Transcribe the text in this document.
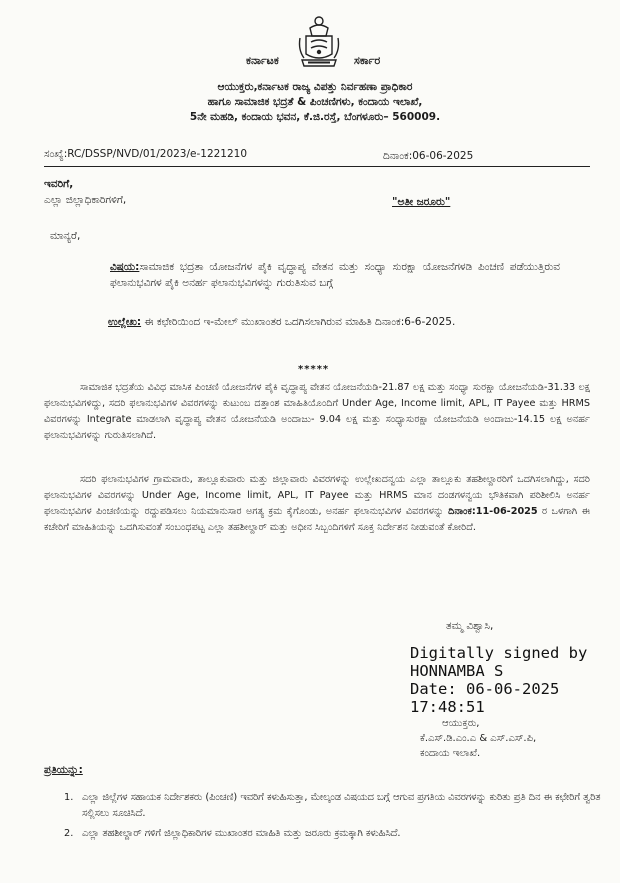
ಕರ್ನಾಟಕ	ಸರ್ಕಾರ
ಆಯುಕ್ತರು,ಕರ್ನಾಟಕ ರಾಜ್ಯ ವಿಪತ್ತು ನಿರ್ವಹಣಾ ಪ್ರಾಧಿಕಾರ
ಹಾಗೂ ಸಾಮಾಜಿಕ ಭದ್ರತೆ & ಪಿಂಚಣಿಗಳು, ಕಂದಾಯ ಇಲಾಖೆ,
5ನೇ ಮಹಡಿ, ಕಂದಾಯ ಭವನ, ಕೆ.ಜಿ.ರಸ್ತೆ, ಬೆಂಗಳೂರು– 560009.
ಸಂಖ್ಯೆ:RC/DSSP/NVD/01/2023/e-1221210	ದಿನಾಂಕ:06-06-2025
ಇವರಿಗೆ,
ಎಲ್ಲಾ ಜಿಲ್ಲಾಧಿಕಾರಿಗಳಿಗೆ,	"ಅತೀ ಜರೂರು"
ಮಾನ್ಯರೆ,
ವಿಷಯ:ಸಾಮಾಜಿಕ ಭದ್ರತಾ ಯೋಜನೆಗಳ ಪೈಕಿ ವೃದ್ಧಾಪ್ಯ ವೇತನ ಮತ್ತು ಸಂಧ್ಯಾ ಸುರಕ್ಷಾ ಯೋಜನೆಗಳಡಿ ಪಿಂಚಣಿ ಪಡೆಯುತ್ತಿರುವ ಫಲಾನುಭವಿಗಳ ಪೈಕಿ ಅನರ್ಹ ಫಲಾನುಭವಿಗಳನ್ನು ಗುರುತಿಸುವ ಬಗ್ಗೆ
ಉಲ್ಲೇಖ: ಈ ಕಛೇರಿಯಿಂದ ಇ-ಮೇಲ್ ಮುಖಾಂತರ ಒದಗಿಸಲಾಗಿರುವ ಮಾಹಿತಿ ದಿನಾಂಕ:6-6-2025.
*****
ಸಾಮಾಜಿಕ ಭದ್ರತೆಯ ವಿವಿಧ ಮಾಸಿಕ ಪಿಂಚಣಿ ಯೋಜನೆಗಳ ಪೈಕಿ ವೃದ್ಧಾಪ್ಯ ವೇತನ ಯೋಜನೆಯಡಿ-21.87 ಲಕ್ಷ ಮತ್ತು ಸಂಧ್ಯಾ ಸುರಕ್ಷಾ ಯೋಜನೆಯಡಿ-31.33 ಲಕ್ಷ ಫಲಾನುಭವಿಗಳಿದ್ದು, ಸದರಿ ಫಲಾನುಭವಿಗಳ ವಿವರಗಳನ್ನು ಕುಟುಂಬ ದತ್ತಾಂಶ ಮಾಹಿತಿಯೊಂದಿಗೆ Under Age, Income limit, APL, IT Payee ಮತ್ತು HRMS ವಿವರಗಳನ್ನು Integrate ಮಾಡಲಾಗಿ ವೃದ್ಧಾಪ್ಯ ವೇತನ ಯೋಜನೆಯಡಿ ಅಂದಾಜು- 9.04 ಲಕ್ಷ ಮತ್ತು ಸಂಧ್ಯಾಸುರಕ್ಷಾ ಯೋಜನೆಯಡಿ ಅಂದಾಜು-14.15 ಲಕ್ಷ ಅನರ್ಹ ಫಲಾನುಭವಿಗಳನ್ನು ಗುರುತಿಸಲಾಗಿದೆ.
ಸದರಿ ಫಲಾನುಭವಿಗಳ ಗ್ರಾಮವಾರು, ತಾಲ್ಲೂಕುವಾರು ಮತ್ತು ಜಿಲ್ಲಾವಾರು ವಿವರಗಳನ್ನು ಉಲ್ಲೇಖದನ್ವಯ ಎಲ್ಲಾ ತಾಲ್ಲೂಕು ತಹಶೀಲ್ದಾರರಿಗೆ ಒದಗಿಸಲಾಗಿದ್ದು, ಸದರಿ ಫಲಾನುಭವಿಗಳ ವಿವರಗಳನ್ನು Under Age, Income limit, APL, IT Payee ಮತ್ತು HRMS ಮಾನ ದಂಡಗಳನ್ವಯ ಭೌತಿಕವಾಗಿ ಪರಿಶೀಲಿಸಿ ಅನರ್ಹ ಫಲಾನುಭವಿಗಳ ಪಿಂಚಣಿಯನ್ನು ರದ್ದುಪಡಿಸಲು ನಿಯಮಾನುಸಾರ ಅಗತ್ಯ ಕ್ರಮ ಕೈಗೊಂಡು, ಅನರ್ಹ ಫಲಾನುಭವಿಗಳ ವಿವರಗಳನ್ನು ದಿನಾಂಕ:11-06-2025 ರ ಒಳಗಾಗಿ ಈ ಕಚೇರಿಗೆ ಮಾಹಿತಿಯನ್ನು ಒದಗಿಸುವಂತೆ ಸಂಬಂಧಪಟ್ಟ ಎಲ್ಲಾ ತಹಶೀಲ್ದಾರ್ ಮತ್ತು ಅಧೀನ ಸಿಬ್ಬಂದಿಗಳಿಗೆ ಸೂಕ್ತ ನಿರ್ದೇಶನ ನೀಡುವಂತೆ ಕೋರಿದೆ.
ತಮ್ಮ ವಿಶ್ವಾಸಿ,
Digitally signed by
HONNAMBA S
Date: 06-06-2025
17:48:51
ಆಯುಕ್ತರು,
ಕೆ.ಎಸ್.ಡಿ.ಎಂ.ಎ & ಎಸ್.ಎಸ್.ಪಿ,
ಕಂದಾಯ ಇಲಾಖೆ.
ಪ್ರತಿಯನ್ನು:
1. ಎಲ್ಲಾ ಜಿಲ್ಲೆಗಳ ಸಹಾಯಕ ನಿರ್ದೇಶಕರು (ಪಿಂಚಣಿ) ಇವರಿಗೆ ಕಳುಹಿಸುತ್ತಾ, ಮೇಲ್ಕಂಡ ವಿಷಯದ ಬಗ್ಗೆ ಆಗುವ ಪ್ರಗತಿಯ ವಿವರಗಳನ್ನು ಕುರಿತು ಪ್ರತಿ ದಿನ ಈ ಕಛೇರಿಗೆ ತ್ವರಿತ ಸಲ್ಲಿಸಲು ಸೂಚಿಸಿದೆ.
2. ಎಲ್ಲಾ ತಹಶೀಲ್ದಾರ್ ಗಳಿಗೆ ಜಿಲ್ಲಾಧಿಕಾರಿಗಳ ಮುಖಾಂತರ ಮಾಹಿತಿ ಮತ್ತು ಜರೂರು ಕ್ರಮಕ್ಕಾಗಿ ಕಳುಹಿಸಿದೆ.
